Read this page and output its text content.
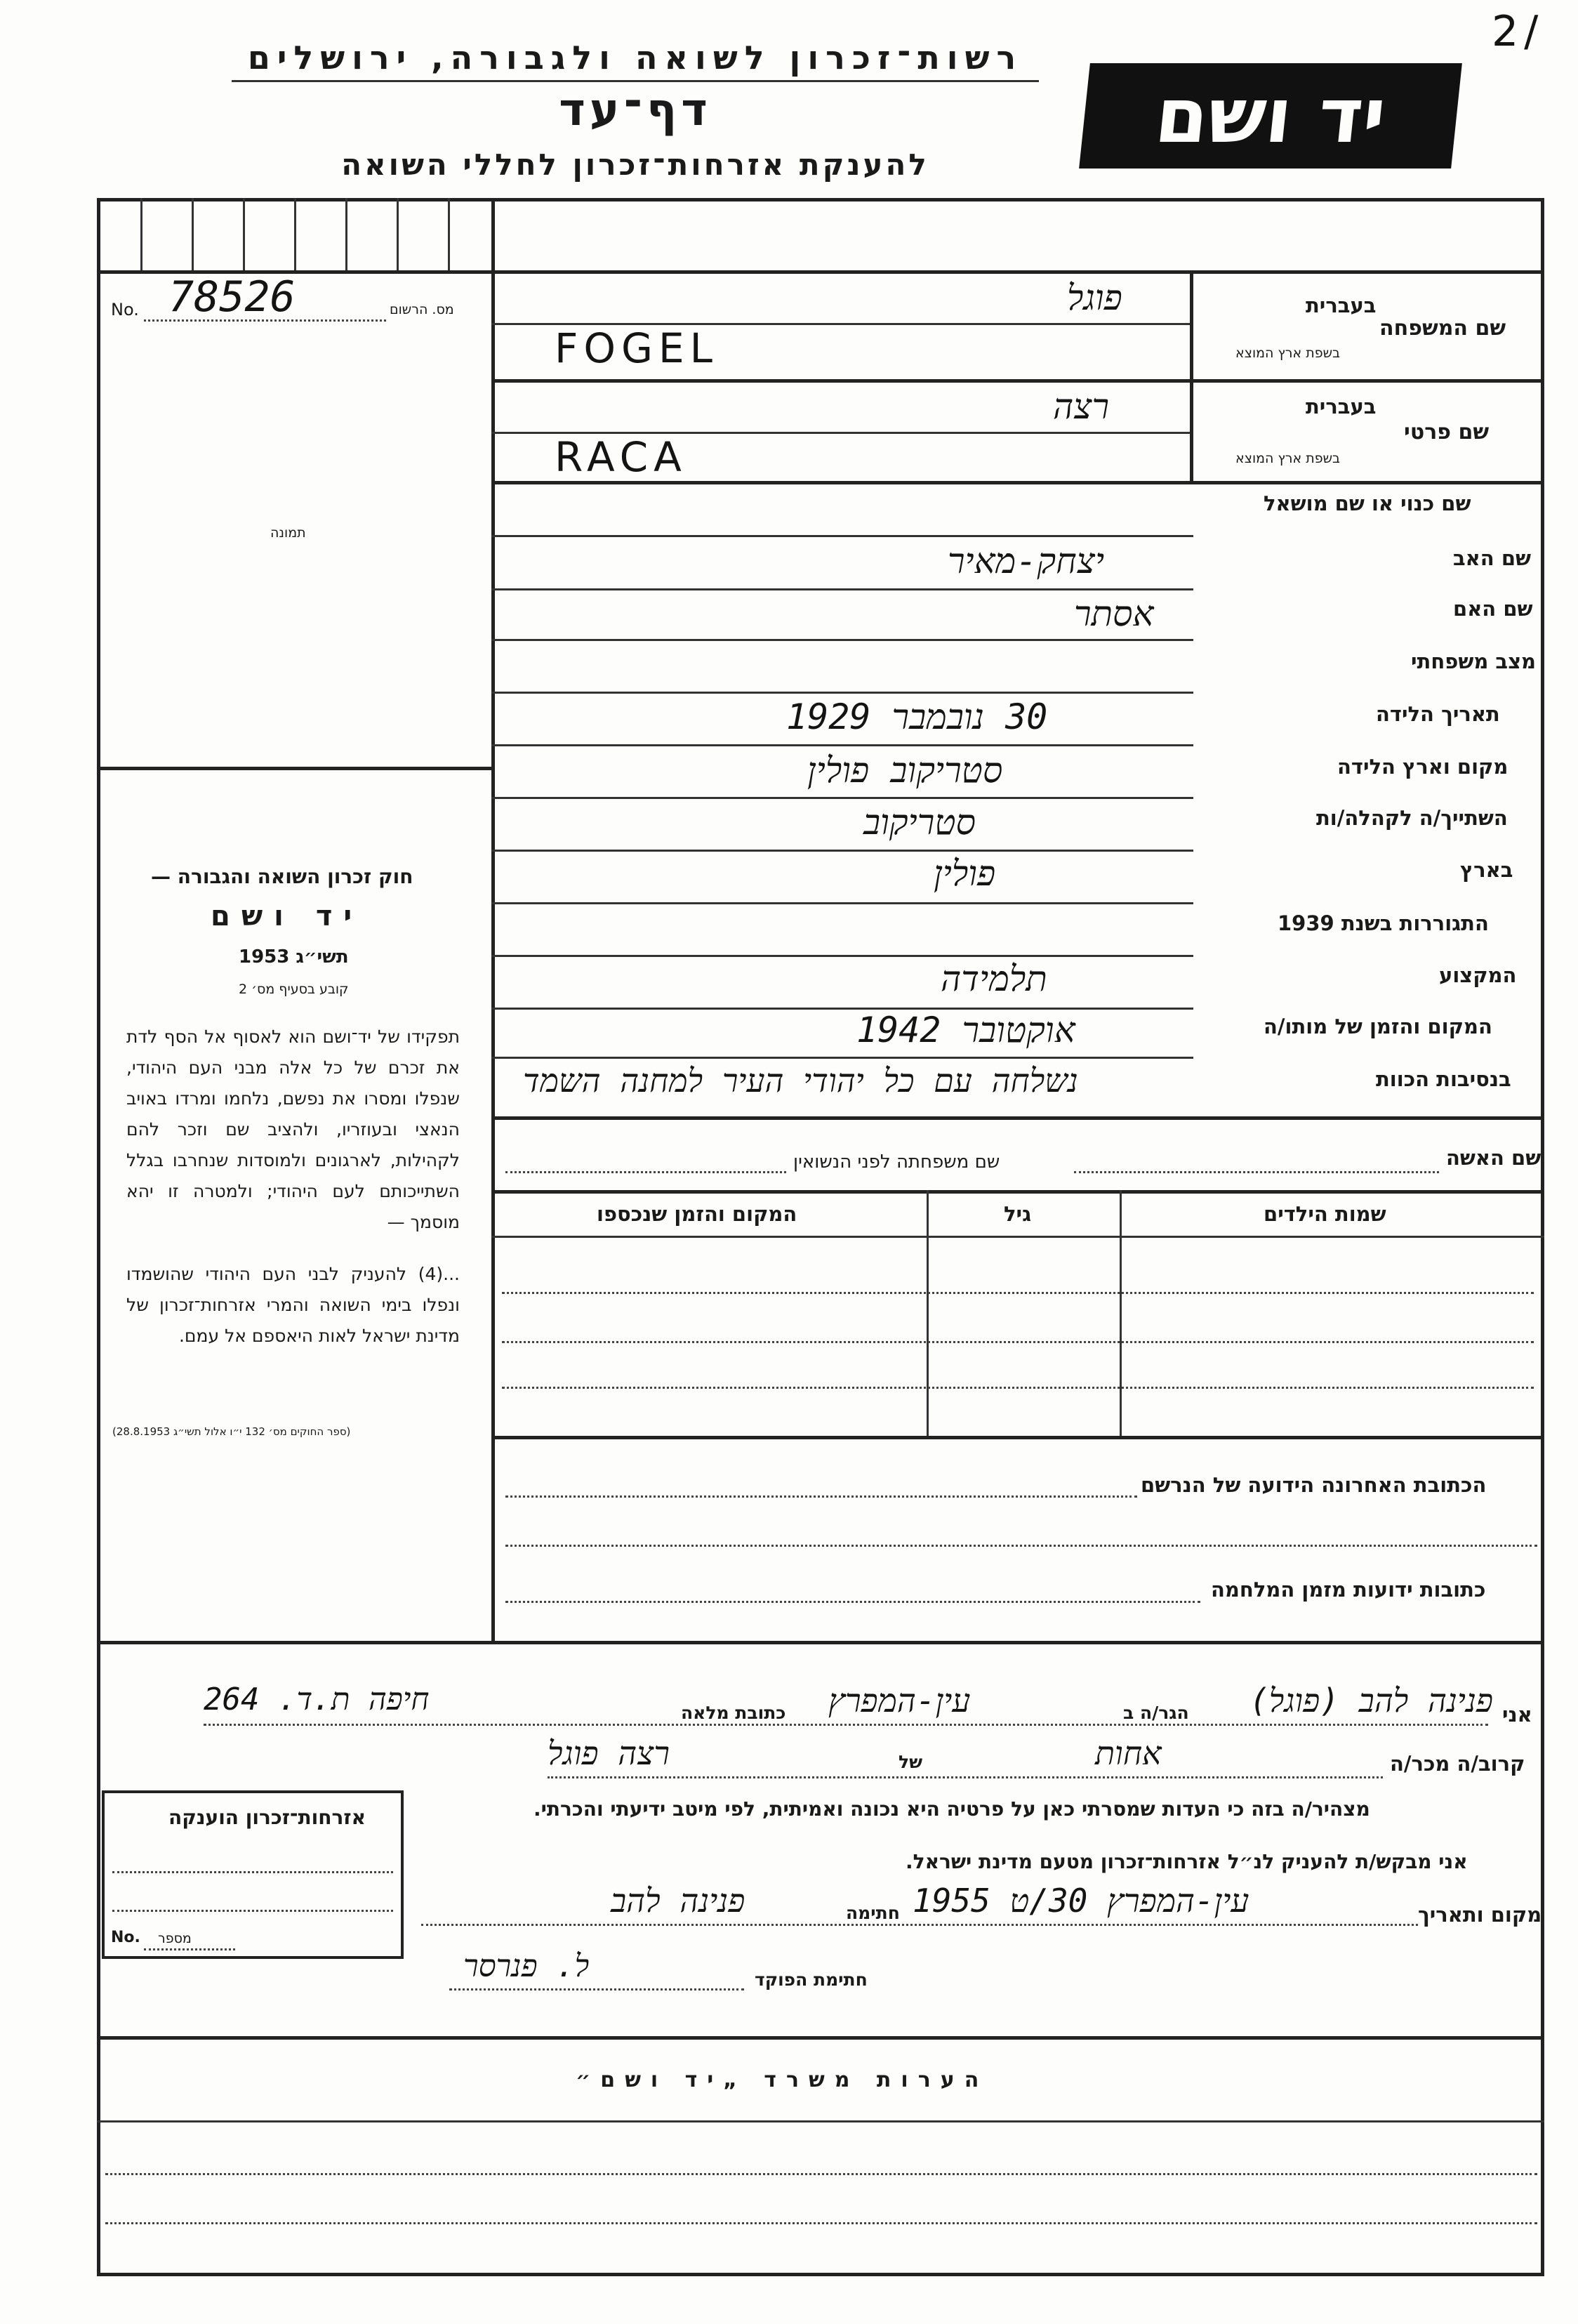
רשות־זכרון לשואה ולגבורה, ירושלים
דף־עד
להענקת אזרחות־זכרון לחללי השואה
יד ושם
2/
No. 78526	מס. הרשום
תמונה
בעברית
שם המשפחה
בשפת ארץ המוצא
פוגל
FOGEL
בעברית
שם פרטי
בשפת ארץ המוצא
רצה
RACA
שם כנוי או שם מושאל
שם האב
יצחק-מאיר
שם האם
אסתר
מצב משפחתי
תאריך הלידה
30 נובמבר 1929
מקום וארץ הלידה
סטריקוב פולין
השתייך/ה לקהלה/ות
סטריקוב
בארץ
פולין
התגוררות בשנת 1939
המקצוע
תלמידה
המקום והזמן של מותו/ה
אוקטובר 1942
בנסיבות הכוות
נשלחה עם כל יהודי העיר למחנה השמד
שם האשה
שם משפחתה לפני הנשואין
שמות הילדים
גיל
המקום והזמן שנכספו
הכתובת האחרונה הידועה של הנרשם
כתובות ידועות מזמן המלחמה
חוק זכרון השואה והגבורה —
יד ושם
תשי״ג 1953
קובע בסעיף מס׳ 2
תפקידו של יד־ושם הוא לאסוף אל הסף לדת את זכרם של כל אלה מבני העם היהודי, שנפלו ומסרו את נפשם, נלחמו ומרדו באויב הנאצי ובעוזריו, ולהציב שם וזכר להם לקהילות, לארגונים ולמוסדות שנחרבו בגלל השתייכותם לעם היהודי; ולמטרה זו יהא מוסמך —
...(4) להעניק לבני העם היהודי שהושמדו ונפלו בימי השואה והמרי אזרחות־זכרון של מדינת ישראל לאות היאספם אל עמם.
(ספר החוקים מס׳ 132 י״ו אלול תשי״ג 28.8.1953)
אני
פנינה להב (פוגל)
הגר/ה ב
עין-המפרץ
כתובת מלאה
חיפה ת.ד. 264
קרוב/ה מכר/ה
אחות
של
רצה פוגל
מצהיר/ה בזה כי העדות שמסרתי כאן על פרטיה היא נכונה ואמיתית, לפי מיטב ידיעתי והכרתי.
אני מבקש/ת להעניק לנ״ל אזרחות־זכרון מטעם מדינת ישראל.
מקום ותאריך
עין-המפרץ 30/ט 1955
חתימה
פנינה להב
חתימת הפוקד
ל. פנרסר
אזרחות־זכרון הוענקה
No. מספר
הערות משרד „יד ושם״
